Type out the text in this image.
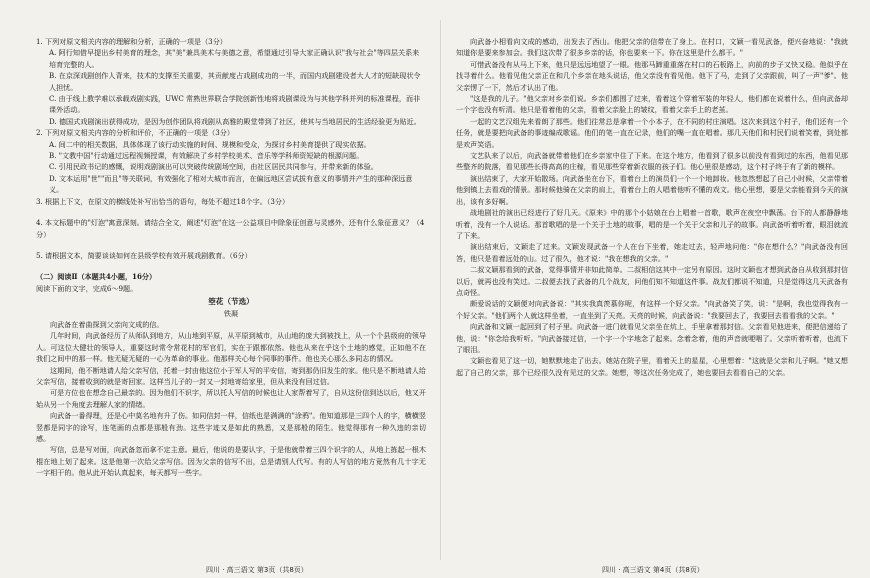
1. 下列对原文相关内容的理解和分析，正确的一项是（3分）

A. 阿行知借早提出乡村美育的理念，其"美"兼具美术与美德之意，希望通过引导大家正确认识"我与社会"等四层关系来培育完整的人。

B. 在京深戏剧创作人背来，技术的支撑至关重要，其贡献度占戏剧成功的一半，而国内戏剧建设者大人才的短缺现状令人担忧。

C. 由于线上教学难以承载戏剧实践，UWC 常熟世界联合学院创新性地将戏剧课设为与其他学科并列的标准课程，而非课外活动。

D. 德国式戏剧演出获得成功，是因为创作团队将戏剧从高雅的殿堂带到了社区，使其与当地居民的生活经验更为贴近。

2. 下列对原文相关内容的分析和评价，不正确的一项是（3分）

A. 间二中的相关数据，具体体现了该行动实施的时间、规模和受众，为探讨乡村美育提供了现实依据。

B. "文教中国"行动通过远程视频授课，有效解决了乡村学校美术、音乐等学科师资短缺的根源问题。

C. 引用民政书记的感慨，说明戏剧演出可以突破传统剧场空间，由社区居民共同参与，并带来新的体验。

D. 文本运用"世""而且"等关联词，有效强化了相对大城市而言，在偏远地区尝试拔有意义的事情并产生的那种深远意义。

3. 根据上下文，在原文的横线处补写出恰当的语句，每处不超过18个字。（3分）

4. 本文标题中的"灯泡"寓意深刻。请结合全文，阐述"灯泡"在这一公益项目中除象征创意与灵感外，还有什么象征意义？（4分）

5. 请根据文本，简要谈谈如何在县级学校有效开展戏剧教育。（6分）

（二）阅读Ⅱ（本题共4小题，16分）

阅读下面的文字，完成6～9题。

箜花（节选）

铁凝

向武备在着曲探到父亲向文成的信。

几年时间，向武备经历了从师队到地方，从山地到平原，从平原到城市，从山地的庞大到被找上，从一个个县级府的领导人。可这位大健壮的领导人，重要这时常令常花村的军官们，实在于跟都依然。他也从来在乎这个土地的感觉，正如他不在我们之间中的那一样。他无疑无疑的一心为革命的事业。他那样关心每个同事的事件。他也关心那么多同志的情况。

这期间，他不断地请人给父亲写信，托着一封由他这位小于军人写的平安信，寄到那仍旧发生的家。他只是不断地请人给父亲写信，接着收到的就是寄回家。这样当儿子的一封又一封地寄给家里，但从来没有回过信。

可是方位也在想念自己最亲的。因为他们不识字，所以托人写信的时候也让人家帮着写了，自从这份信到达以后，他又开始从另一个角度去理解人家的情绪。

向武备一番得理，还是心中莫名地有升了伤。如同信封一样，信纸也是满满的"涂鸦"。他知道那是三四个人的字，横横竖竖都是同字的涂写，连笔画的点都是那般有劲。这些字迹又是如此的熟悉，又是那般的陌生。他觉得那有一种久违的亲切感。

写信，总是写对面，向武备忽而拿不定主意。最后，他说的是要认字，于是他就带着三四个识字的人，从地上拣起一根木棍在地上划了起来。这是他第一次给父亲写信。因为父亲的信写不出，总是请别人代写。有的人写信的地方竟然有几十字无一字相干的。他从此开始认真起来，每天都写一些字。

向武备小相看向文成的感动，出发去了西山。他把父亲的信带在了身上。在村口，文颖一看见武备，便兴奋地说："我就知道你是要来参加会。我们这次带了很多乡亲的话，你也要来一下。你在这里是什么都干。"

可惜武备没有从马上下来，他只是远远地望了一眼。他那马蹄重重落在村口的石板路上，向前的步子又快又稳。他似乎在找寻着什么。他看见他父亲正在和几个乡亲在地头说话，他父亲没有看见他。他下了马，走到了父亲跟前，叫了一声"爹"。他父亲愣了一下，然后才认出了他。

"这是我的儿子。"他父亲对乡亲们说。乡亲们都围了过来，看着这个穿着军装的年轻人，他们都在说着什么，但向武备却一个字也没有听清。他只是看着他的父亲，看着父亲脸上的皱纹，看着父亲手上的老茧。

一起的文艺汉组先来看朗了那些。他们往常总是拿着一个小本子，在不同的村庄演唱。这次来到这个村子，他们还有一个任务，就是要把向武备的事迹编成歌谣。他们的笔一直在记录，他们的嘴一直在唱着。那几天他们和村民们说着笑着，到处都是欢声笑语。

文艺队来了以后，向武备就带着他们在乡亲家中住了下来。在这个地方，他看到了很多以前没有看到过的东西，他看见那些整齐的院落，看见那些长得高高的庄稼，看见那些穿着新衣服的孩子们。他心里很是感动，这个村子终于有了新的模样。

演出结束了，大家开始散场。向武备坐在台下，看着台上的演员们一个一个地卸妆。他忽然想起了自己小时候，父亲带着他到镇上去看戏的情景。那时候他骑在父亲的肩上，看着台上的人唱着他听不懂的戏文。他心里想，要是父亲能看到今天的演出，该有多好啊。

战地剧社的演出已经进行了好几天。《原来》中的那个小姑娘在台上唱着一首歌，歌声在夜空中飘荡。台下的人都静静地听着，没有一个人说话。那首歌唱的是一个关于土地的故事，唱的是一个关于父亲和儿子的故事。向武备听着听着，眼泪就流了下来。

演出结束后，文颖走了过来。文颖发现武备一个人在台下坐着，她走过去，轻声地问他："你在想什么？"向武备没有回答，他只是看着远处的山。过了很久，他才说："我在想我的父亲。"

二叔文颖那看到的武备，觉得事情并非如此简单。二叔相信这其中一定另有原因。这时文颖也才想到武备自从收到那封信以后，就再也没有笑过。二叔便去找了武备的几个战友，问他们知不知道这件事。战友们都说不知道，只是觉得这几天武备有点奇怪。

颇爱说话的文颖便对向武备说："其实我真羡慕你呢，有这样一个好父亲。"向武备笑了笑，说："是啊，我也觉得我有一个好父亲。"他们两个人就这样坐着，一直坐到了天亮。天亮的时候，向武备说："我要回去了，我要回去看看我的父亲。"

向武备和文颖一起回到了村子里。向武备一进门就看见父亲坐在炕上，手里拿着那封信。父亲看见他进来，便把信递给了他，说："你念给我听听。"向武备接过信，一个字一个字地念了起来。念着念着，他的声音就哽咽了。父亲听着听着，也流下了眼泪。

文颖也看见了这一切，她默默地走了出去。她站在院子里，看着天上的星星，心里想着："这就是父亲和儿子啊。"她又想起了自己的父亲，那个已经很久没有见过的父亲。她想，等这次任务完成了，她也要回去看看自己的父亲。

四川 · 高三语文 第3页（共8页）	四川 · 高三语文 第4页（共8页）
